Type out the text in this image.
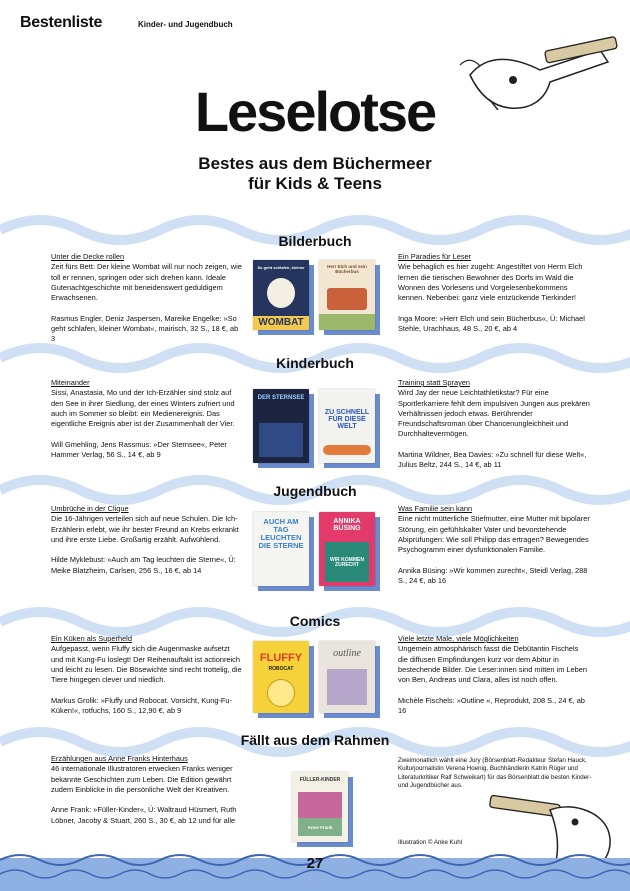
Bestenliste	Kinder- und Jugendbuch
Leselotse
Bestes aus dem Büchermeer
für Kids & Teens
Bilderbuch
Unter die Decke rollen

Zeit fürs Bett: Der kleine Wombat will nur noch zeigen, wie toll er rennen, springen oder sich drehen kann. Ideale Gutenachtgeschichte mit beneidenswert geduldigem Erwachsenen.

Rasmus Engler, Deniz Jaspersen, Mareike Engelke: »So geht schlafen, kleiner Wombat«, mairisch, 32 S., 18 €, ab 3

Ein Paradies für Leser

Wie behaglich es hier zugeht: Angestiftet von Herrn Elch lernen die tierischen Bewohner des Dorfs im Wald die Wonnen des Vorlesens und Vorgelesenbekommens kennen. Nebenbei: ganz viele entzückende Tierkinder!

Inga Moore: »Herr Elch und sein Bücherbus«, Ü: Michael Stehle, Urachhaus, 48 S., 20 €, ab 4

So geht schlafen, kleiner
WOMBAT
Herr Elch und sein Bücherbus
Kinderbuch
Miteinander

Sissi, Anastasia, Mo und der Ich-Erzähler sind stolz auf den See in ihrer Siedlung, der eines Winters zufriert und auch im Sommer so bleibt: ein Medienereignis. Das eigentliche Ereignis aber ist der Zusammenhalt der Vier.

Will Gmehling, Jens Rassmus: »Der Sternsee«, Peter Hammer Verlag, 56 S., 14 €, ab 9

Training statt Sprayen

Wird Jay der neue Leichtathletikstar? Für eine Sportlerkarriere fehlt dem impulsiven Jungen aus prekären Verhältnissen jedoch etwas. Berührender Freundschaftsroman über Chancenungleichheit und Durchhaltevermögen.

Martina Wildner, Bea Davies: »Zu schnell für diese Welt«, Julius Beltz, 244 S., 14 €, ab 11

DER STERNSEE
ZU SCHNELL FÜR DIESE WELT
Jugendbuch
Umbrüche in der Clique

Die 16-Jährigen verteilen sich auf neue Schulen. Die Ich-Erzählerin erlebt, wie ihr bester Freund an Krebs erkrankt und ihre erste Liebe. Großartig erzählt. Aufwühlend.

Hilde Myklebust: »Auch am Tag leuchten die Sterne«, Ü: Meike Blatzheim, Carlsen, 256 S., 16 €, ab 14

Was Familie sein kann

Eine nicht mütterliche Stiefmutter, eine Mutter mit bipolarer Störung, ein gefühlskalter Vater und bevorstehende Abiprüfungen: Wie soll Philipp das ertragen? Bewegendes Psychogramm einer dysfunktionalen Familie.

Annika Büsing: »Wir kommen zurecht«, Steidl Verlag, 288 S., 24 €, ab 16

AUCH AM TAG LEUCHTEN DIE STERNE
ANNIKA BÜSING
WIR KOMMEN ZURECHT
Comics
Ein Küken als Superheld

Aufgepasst, wenn Fluffy sich die Augenmaske aufsetzt und mit Kung-Fu loslegt! Der Reihenauftakt ist actionreich und leicht zu lesen. Die Bösewichte sind recht trottelig, die Tiere hingegen clever und niedlich.

Markus Grolik: »Fluffy und Robocat. Vorsicht, Kung-Fu-Küken!«, rotfuchs, 160 S., 12,90 €, ab 9

Viele letzte Male, viele Möglichkeiten

Ungemein atmosphärisch fasst die Debütantin Fischels die diffusen Empfindungen kurz vor dem Abitur in bestechende Bilder. Die Leser:innen sind mitten im Leben von Ben, Andreas und Clara, alles ist noch offen.

Michèle Fischels: »Outline «, Reprodukt, 208 S., 24 €, ab 16

FLUFFY
ROBOCAT
outline
Fällt aus dem Rahmen
Erzählungen aus Anne Franks Hinterhaus

46 internationale Illustratoren erwecken Franks weniger bekannte Geschichten zum Leben. Die Edition gewährt zudem Einblicke in die persönliche Welt der Kreativen.

Anne Frank: »Füller-Kinder«, Ü: Waltraud Hüsmert, Ruth Löbner, Jacoby & Stuart, 260 S., 30 €, ab 12 und für alle

FÜLLER-KINDER
Anne Frank
Zweimonatlich wählt eine Jury (Börsenblatt-Redakteur Stefan Hauck, Kulturjournalistin Verena Hoenig, Buchhändlerin Katrin Rüger und Literaturkritiker Ralf Schweikart) für das Börsenblatt die besten Kinder- und Jugendbücher aus.
Illustration © Anke Kuhl
27
